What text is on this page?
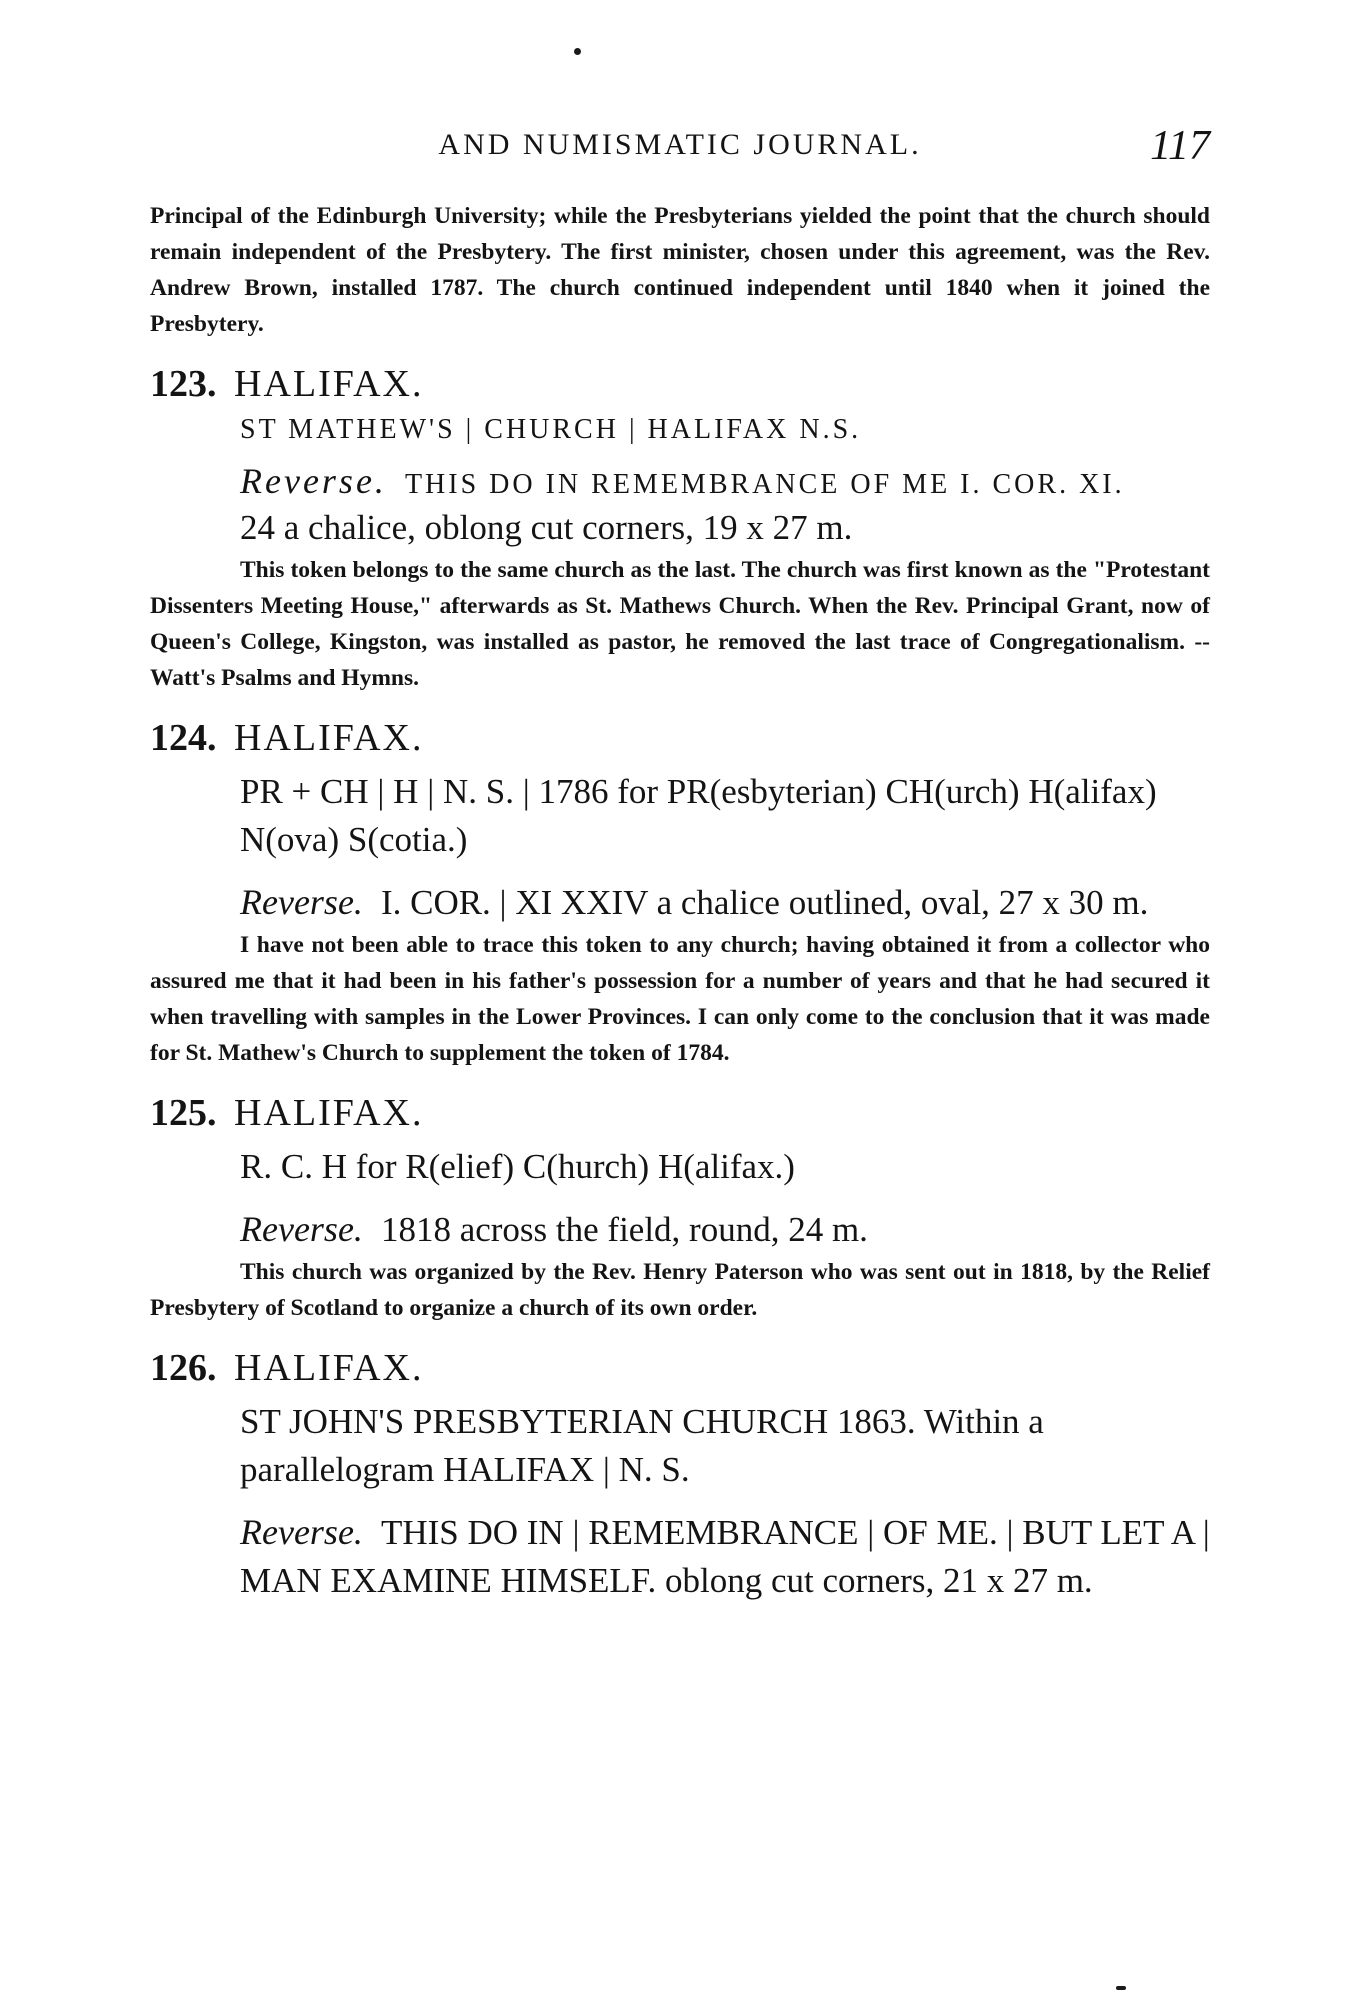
AND NUMISMATIC JOURNAL.	117

Principal of the Edinburgh University; while the Presbyterians yielded the point that the church should remain independent of the Presbytery. The first minister, chosen under this agreement, was the Rev. Andrew Brown, installed 1787. The church continued independent until 1840 when it joined the Presbytery.

123. HALIFAX.

ST MATHEW'S | CHURCH | HALIFAX N.S.

Reverse. THIS DO IN REMEMBRANCE OF ME I. COR. XI.

24 a chalice, oblong cut corners, 19 x 27 m.

This token belongs to the same church as the last. The church was first known as the "Protestant Dissenters Meeting House," afterwards as St. Mathews Church. When the Rev. Principal Grant, now of Queen's College, Kingston, was installed as pastor, he removed the last trace of Congregationalism. --Watt's Psalms and Hymns.

124. HALIFAX.

PR + CH | H | N. S. | 1786 for PR(esbyterian) CH(urch) H(alifax) N(ova) S(cotia.)

Reverse. I. COR. | XI XXIV a chalice outlined, oval, 27 x 30 m.

I have not been able to trace this token to any church; having obtained it from a collector who assured me that it had been in his father's possession for a number of years and that he had secured it when travelling with samples in the Lower Provinces. I can only come to the conclusion that it was made for St. Mathew's Church to supplement the token of 1784.

125. HALIFAX.

R. C. H for R(elief) C(hurch) H(alifax.)

Reverse. 1818 across the field, round, 24 m.

This church was organized by the Rev. Henry Paterson who was sent out in 1818, by the Relief Presbytery of Scotland to organize a church of its own order.

126. HALIFAX.

ST JOHN'S PRESBYTERIAN CHURCH 1863. Within a parallelogram HALIFAX | N. S.

Reverse. THIS DO IN | REMEMBRANCE | OF ME. | BUT LET A | MAN EXAMINE HIMSELF. oblong cut corners, 21 x 27 m.
